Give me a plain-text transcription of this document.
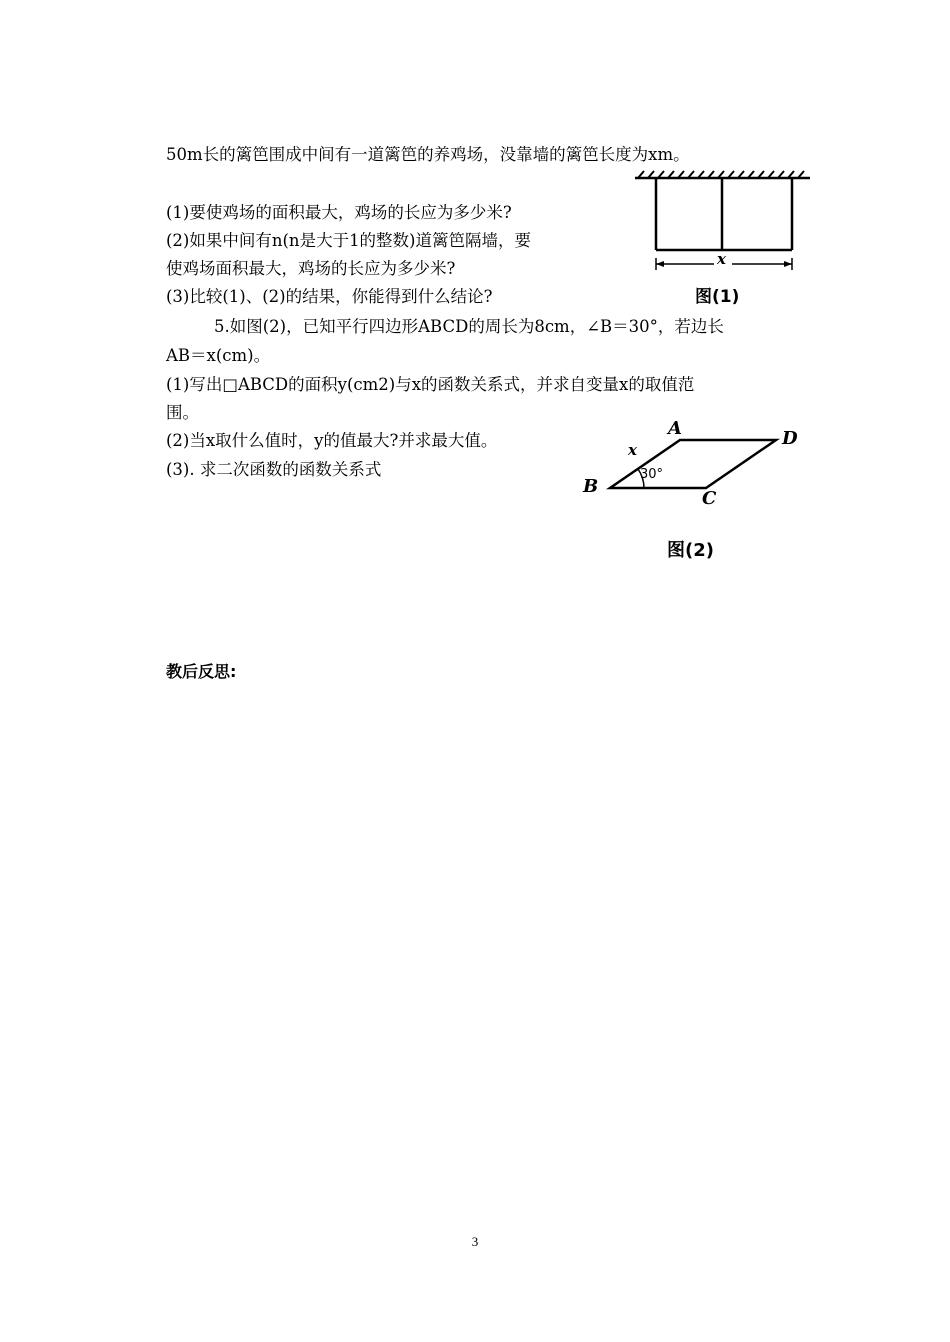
50m长的篱笆围成中间有一道篱笆的养鸡场，没靠墙的篱笆长度为xm。
(1)要使鸡场的面积最大，鸡场的长应为多少米?
(2)如果中间有n(n是大于1的整数)道篱笆隔墙，要
使鸡场面积最大，鸡场的长应为多少米?
(3)比较(1)、(2)的结果，你能得到什么结论?
5.如图(2)，已知平行四边形ABCD的周长为8cm，∠B＝30°，若边长
AB＝x(cm)。
(1)写出□ABCD的面积y(cm2)与x的函数关系式，并求自变量x的取值范
围。
(2)当x取什么值时，y的值最大?并求最大值。
(3). 求二次函数的函数关系式
x
图(1)
A
B
C
D
x
30°
图(2)
教后反思:
3
